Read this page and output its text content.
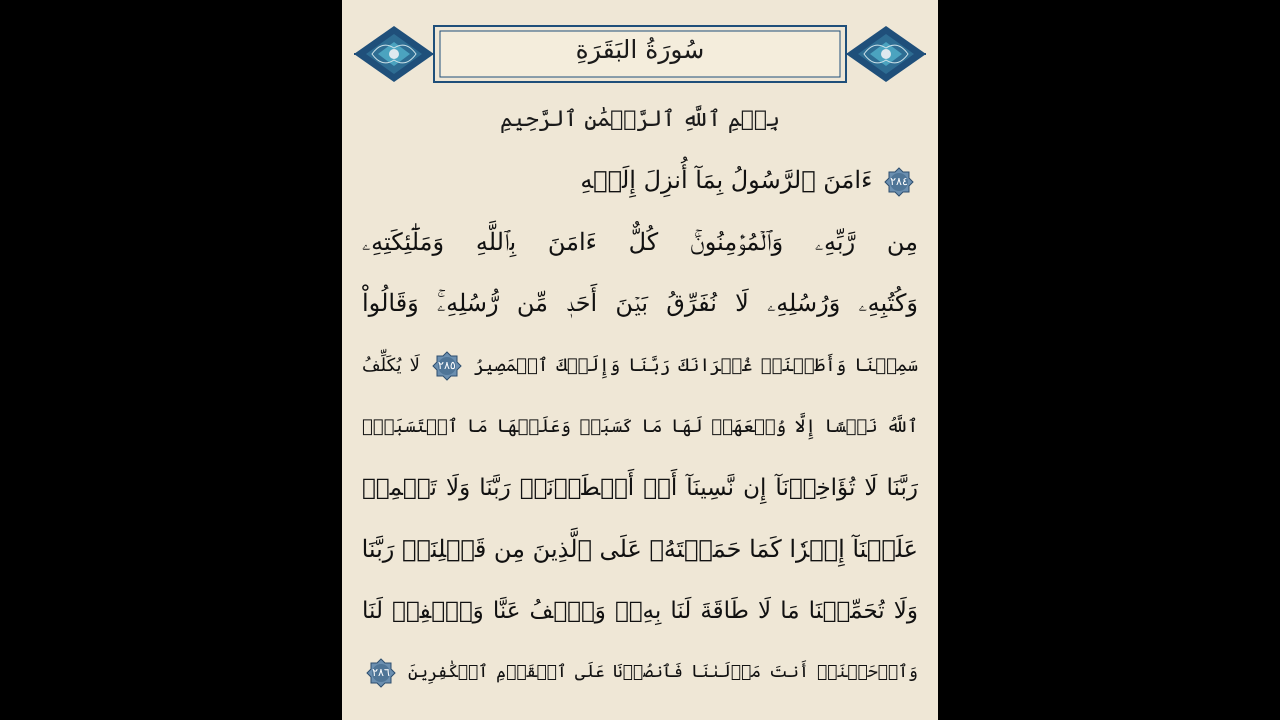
سُورَةُ البَقَرَةِ
بِسۡمِ ٱللَّهِ ٱلرَّحۡمَٰنِ ٱلرَّحِيمِ
٢٨٤
ءَامَنَ ٱلرَّسُولُ بِمَآ أُنزِلَ إِلَيۡهِ
مِن رَّبِّهِۦ وَٱلۡمُؤۡمِنُونَۚ كُلٌّ ءَامَنَ بِٱللَّهِ وَمَلَٰٓئِكَتِهِۦ
وَكُتُبِهِۦ وَرُسُلِهِۦ لَا نُفَرِّقُ بَيۡنَ أَحَدٖ مِّن رُّسُلِهِۦۚ وَقَالُواْ
سَمِعۡنَا وَأَطَعۡنَاۖ غُفۡرَانَكَ رَبَّنَا وَإِلَيۡكَ ٱلۡمَصِيرُ
٢٨٥
لَا يُكَلِّفُ
ٱللَّهُ نَفۡسًا إِلَّا وُسۡعَهَاۚ لَهَا مَا كَسَبَتۡ وَعَلَيۡهَا مَا ٱكۡتَسَبَتۡۗ
رَبَّنَا لَا تُؤَاخِذۡنَآ إِن نَّسِينَآ أَوۡ أَخۡطَأۡنَاۚ رَبَّنَا وَلَا تَحۡمِلۡ
عَلَيۡنَآ إِصۡرٗا كَمَا حَمَلۡتَهُۥ عَلَى ٱلَّذِينَ مِن قَبۡلِنَاۚ رَبَّنَا
وَلَا تُحَمِّلۡنَا مَا لَا طَاقَةَ لَنَا بِهِۦۖ وَٱعۡفُ عَنَّا وَٱغۡفِرۡ لَنَا
وَٱرۡحَمۡنَآۚ أَنتَ مَوۡلَىٰنَا فَٱنصُرۡنَا عَلَى ٱلۡقَوۡمِ ٱلۡكَٰفِرِينَ
٢٨٦
